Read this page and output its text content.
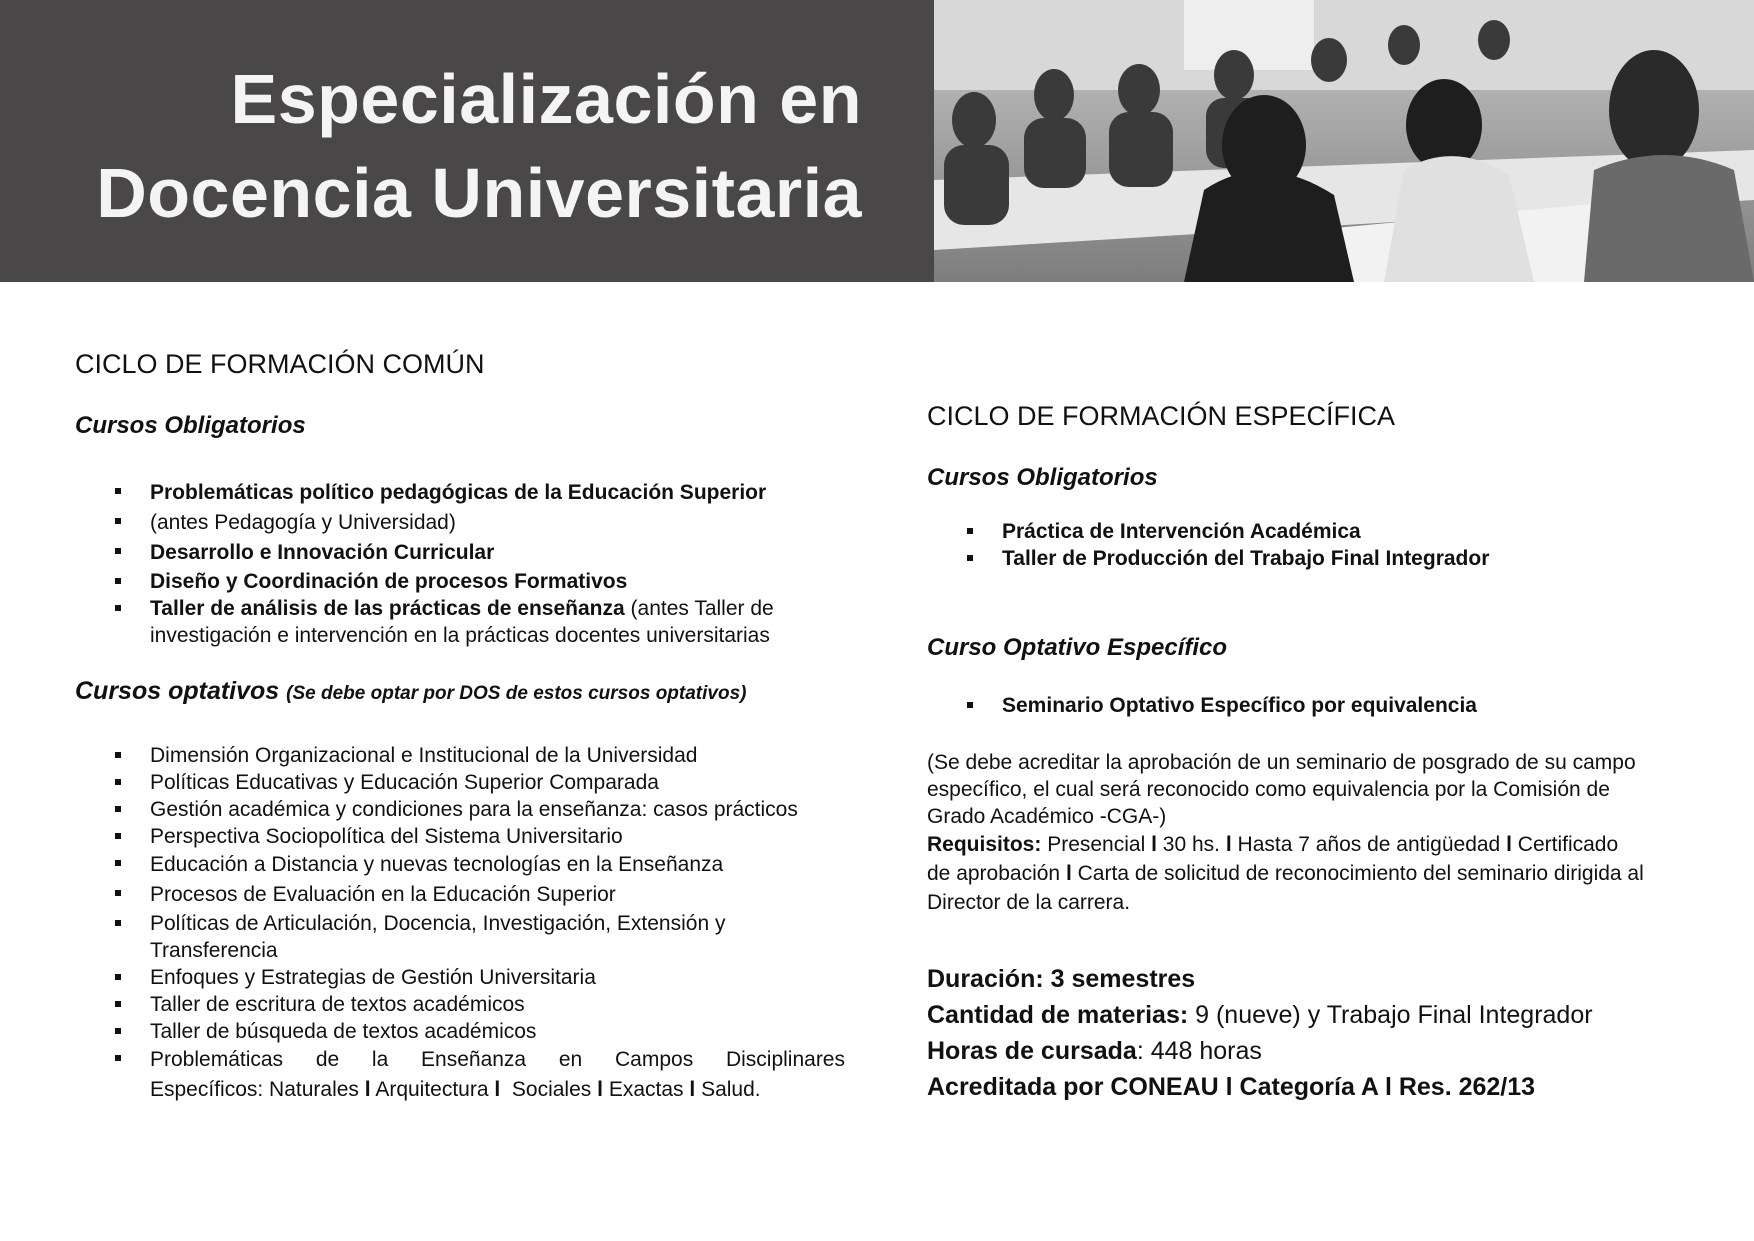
Especialización en
Docencia Universitaria
CICLO DE FORMACIÓN COMÚN
Cursos Obligatorios
Problemáticas político pedagógicas de la Educación Superior
(antes Pedagogía y Universidad)
Desarrollo e Innovación Curricular
Diseño y Coordinación de procesos Formativos
Taller de análisis de las prácticas de enseñanza (antes Taller de investigación e intervención en la prácticas docentes universitarias
Cursos optativos (Se debe optar por DOS de estos cursos optativos)
Dimensión Organizacional e Institucional de la Universidad
Políticas Educativas y Educación Superior Comparada
Gestión académica y condiciones para la enseñanza: casos prácticos
Perspectiva Sociopolítica del Sistema Universitario
Educación a Distancia y nuevas tecnologías en la Enseñanza
Procesos de Evaluación en la Educación Superior
Políticas de Articulación, Docencia, Investigación, Extensión y Transferencia
Enfoques y Estrategias de Gestión Universitaria
Taller de escritura de textos académicos
Taller de búsqueda de textos académicos
Problemáticas de la Enseñanza en Campos Disciplinares
Específicos: Naturales l Arquitectura l Sociales l Exactas l Salud.
CICLO DE FORMACIÓN ESPECÍFICA
Cursos Obligatorios
Práctica de Intervención Académica
Taller de Producción del Trabajo Final Integrador
Curso Optativo Específico
Seminario Optativo Específico por equivalencia

(Se debe acreditar la aprobación de un seminario de posgrado de su campo específico, el cual será reconocido como equivalencia por la Comisión de Grado Académico -CGA-)

Requisitos: Presencial l 30 hs. l Hasta 7 años de antigüedad l Certificado de aprobación l Carta de solicitud de reconocimiento del seminario dirigida al Director de la carrera.

Duración: 3 semestres

Cantidad de materias: 9 (nueve) y Trabajo Final Integrador

Horas de cursada: 448 horas

Acreditada por CONEAU l Categoría A l Res. 262/13
